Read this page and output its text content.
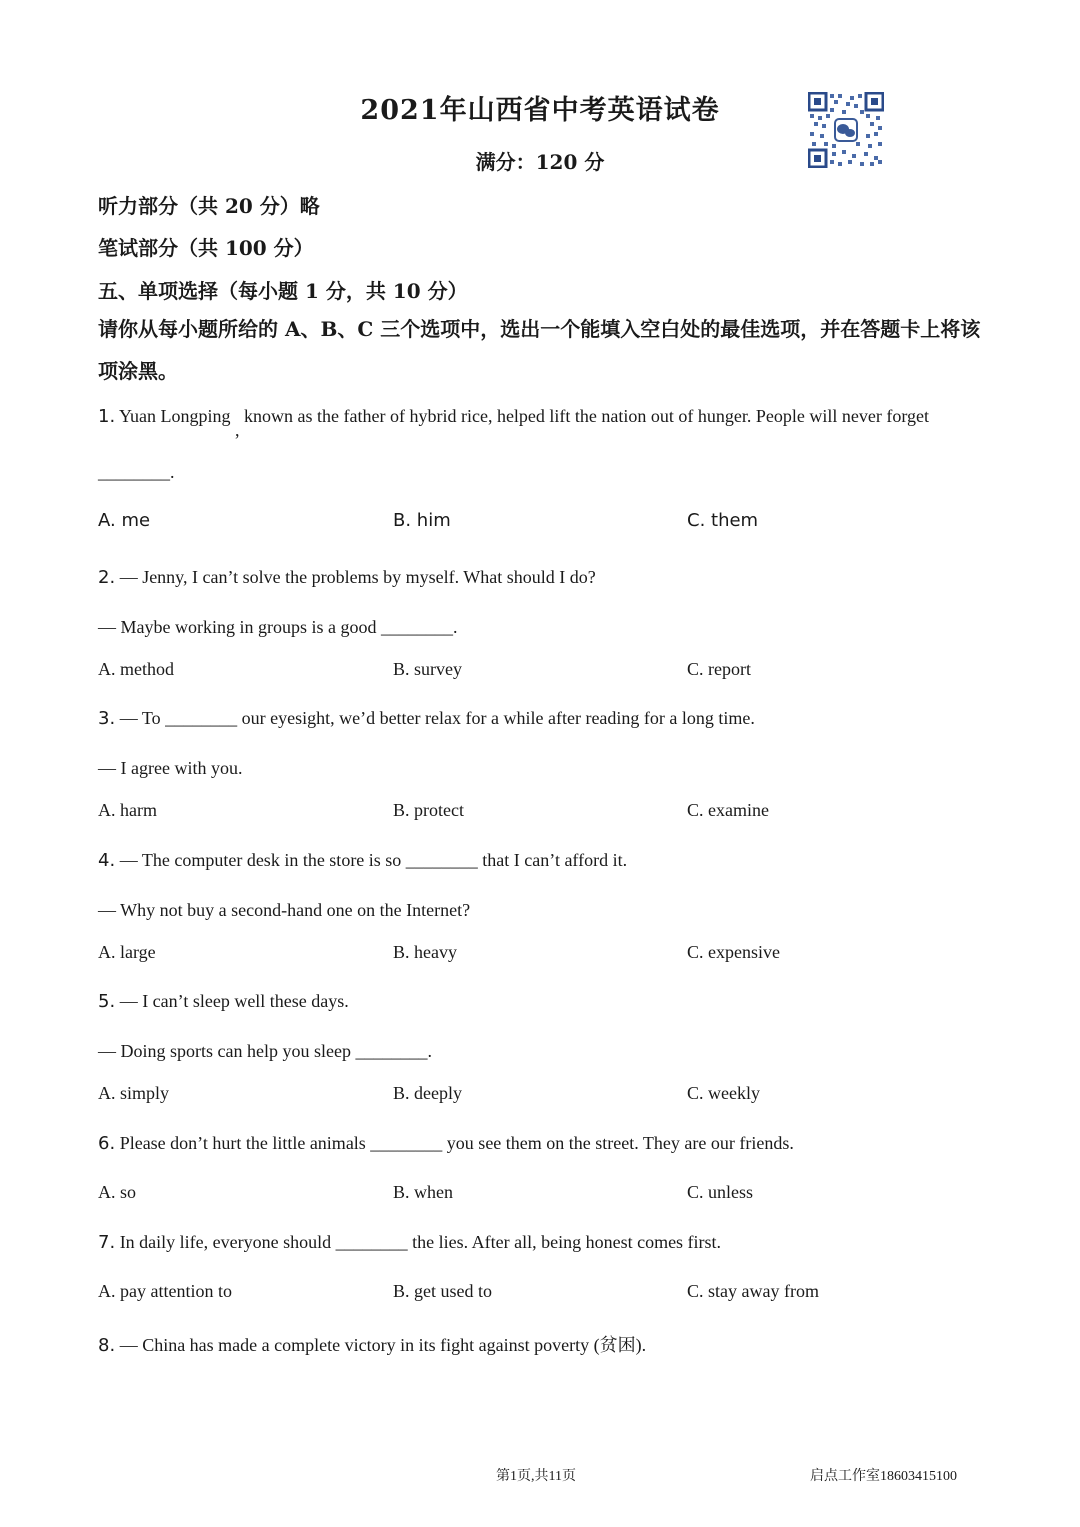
2021年山西省中考英语试卷
满分：120 分
听力部分（共 20 分）略
笔试部分（共 100 分）
五、单项选择（每小题 1 分，共 10 分）
请你从每小题所给的 A、B、C 三个选项中，选出一个能填入空白处的最佳选项，并在答题卡上将该项涂黑。
1. Yuan Longping , known as the father of hybrid rice, helped lift the nation out of hunger. People will never forget
________.
A. me	B. him	C. them
2. — Jenny, I can’t solve the problems by myself. What should I do?
— Maybe working in groups is a good ________.
A. method	B. survey	C. report
3. — To ________ our eyesight, we’d better relax for a while after reading for a long time.
— I agree with you.
A. harm	B. protect	C. examine
4. — The computer desk in the store is so ________ that I can’t afford it.
— Why not buy a second-hand one on the Internet?
A. large	B. heavy	C. expensive
5. — I can’t sleep well these days.
— Doing sports can help you sleep ________.
A. simply	B. deeply	C. weekly
6. Please don’t hurt the little animals ________ you see them on the street. They are our friends.
A. so	B. when	C. unless
7. In daily life, everyone should ________ the lies. After all, being honest comes first.
A. pay attention to	B. get used to	C. stay away from
8. — China has made a complete victory in its fight against poverty (贫困).
第1页,共11页	启点工作室18603415100
